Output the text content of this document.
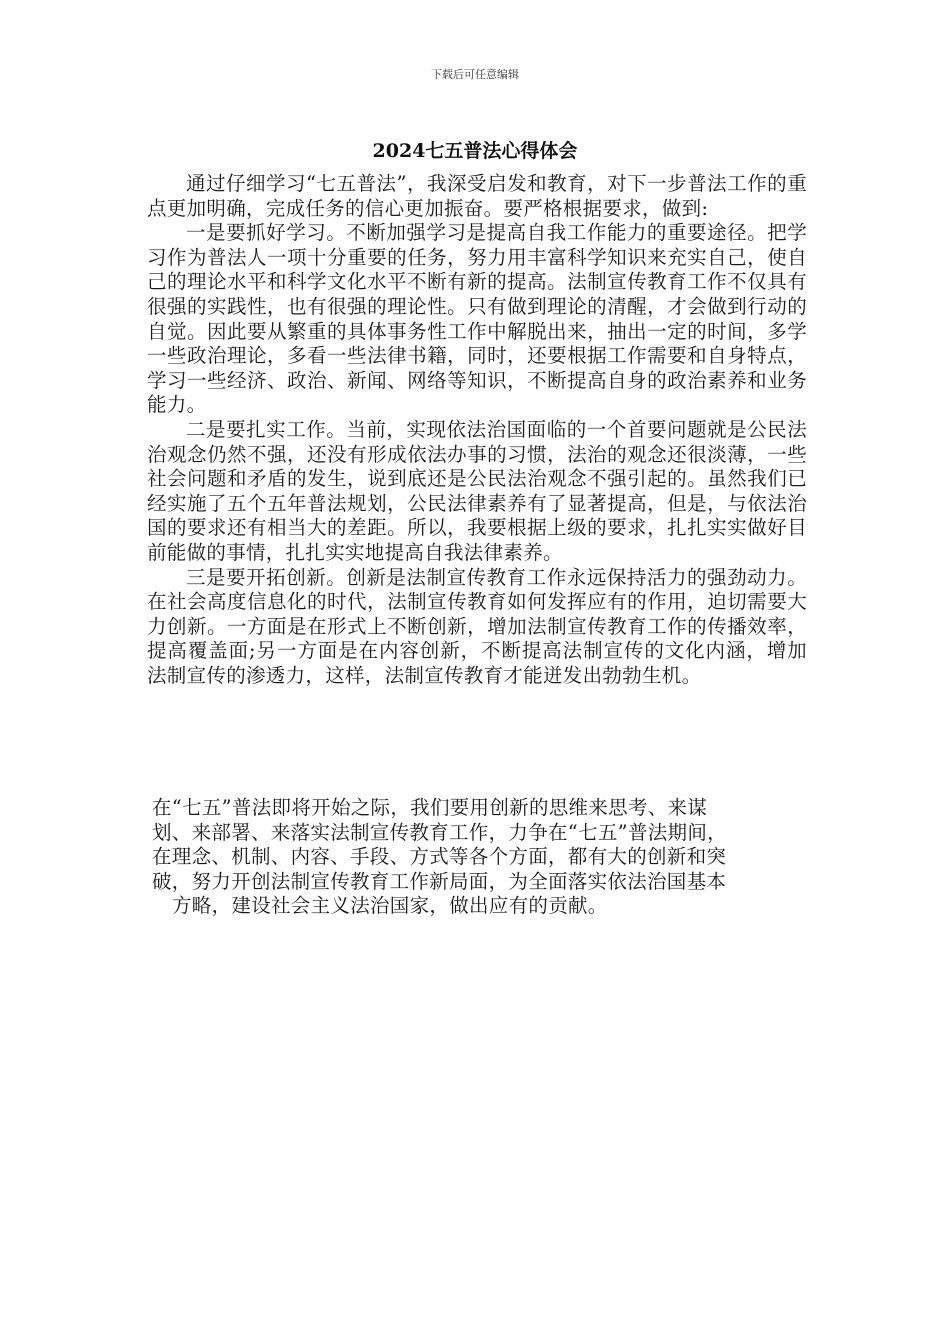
下载后可任意编辑
2024七五普法心得体会

通过仔细学习“七五普法”，我深受启发和教育，对下一步普法工作的重点更加明确，完成任务的信心更加振奋。要严格根据要求，做到:

一是要抓好学习。不断加强学习是提高自我工作能力的重要途径。把学习作为普法人一项十分重要的任务，努力用丰富科学知识来充实自己，使自己的理论水平和科学文化水平不断有新的提高。法制宣传教育工作不仅具有很强的实践性，也有很强的理论性。只有做到理论的清醒，才会做到行动的自觉。因此要从繁重的具体事务性工作中解脱出来，抽出一定的时间，多学一些政治理论，多看一些法律书籍，同时，还要根据工作需要和自身特点，学习一些经济、政治、新闻、网络等知识，不断提高自身的政治素养和业务能力。

二是要扎实工作。当前，实现依法治国面临的一个首要问题就是公民法治观念仍然不强，还没有形成依法办事的习惯，法治的观念还很淡薄，一些社会问题和矛盾的发生，说到底还是公民法治观念不强引起的。虽然我们已经实施了五个五年普法规划，公民法律素养有了显著提高，但是，与依法治国的要求还有相当大的差距。所以，我要根据上级的要求，扎扎实实做好目前能做的事情，扎扎实实地提高自我法律素养。

三是要开拓创新。创新是法制宣传教育工作永远保持活力的强劲动力。在社会高度信息化的时代，法制宣传教育如何发挥应有的作用，迫切需要大力创新。一方面是在形式上不断创新，增加法制宣传教育工作的传播效率，提高覆盖面;另一方面是在内容创新，不断提高法制宣传的文化内涵，增加法制宣传的渗透力，这样，法制宣传教育才能迸发出勃勃生机。

在“七五”普法即将开始之际，我们要用创新的思维来思考、来谋
划、来部署、来落实法制宣传教育工作，力争在“七五”普法期间，
在理念、机制、内容、手段、方式等各个方面，都有大的创新和突
破，努力开创法制宣传教育工作新局面，为全面落实依法治国基本
方略，建设社会主义法治国家，做出应有的贡献。
